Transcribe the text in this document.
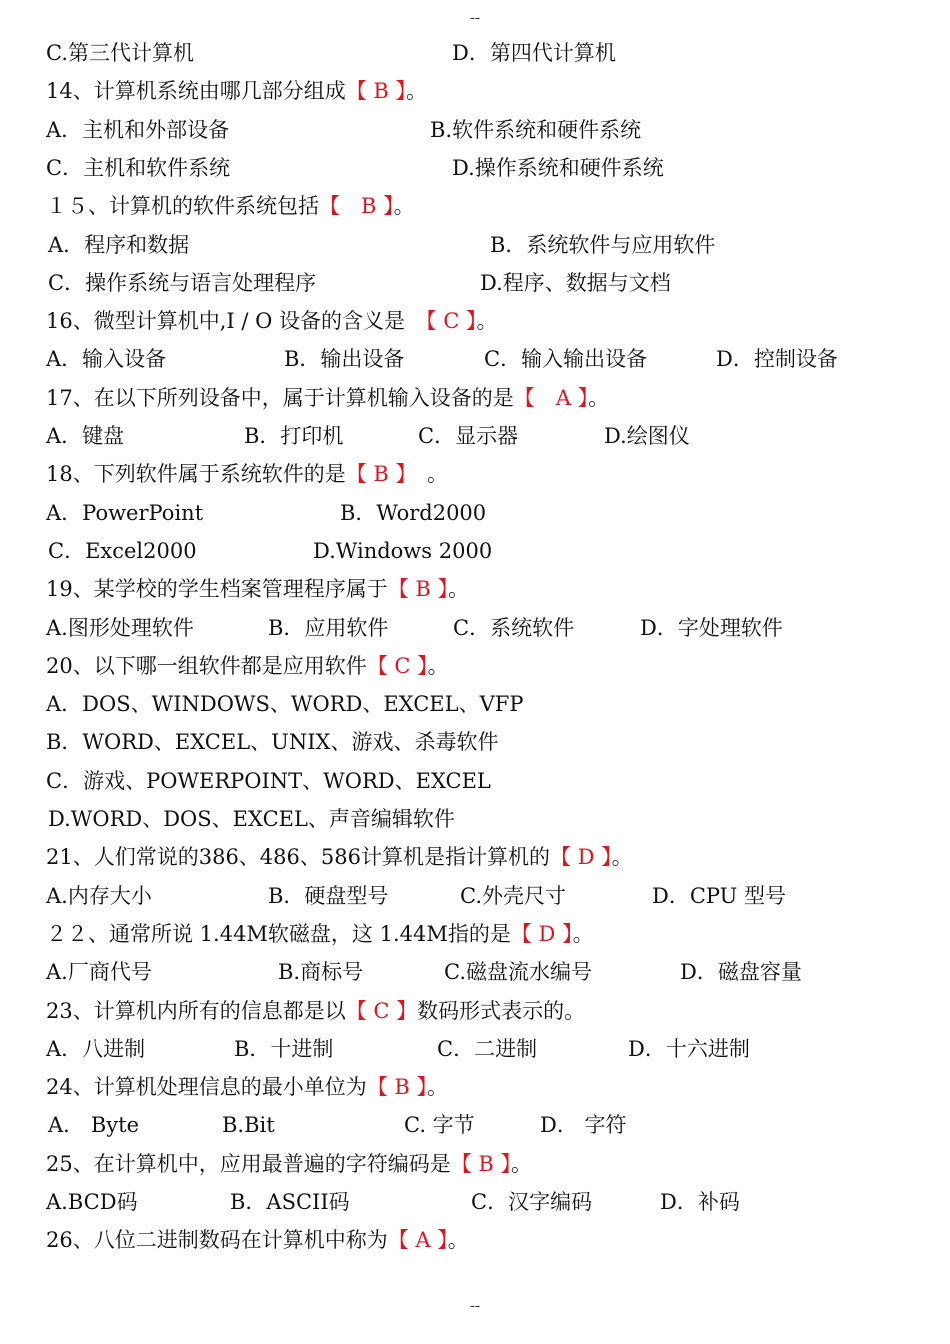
--
C.第三代计算机	D．第四代计算机
14、计算机系统由哪几部分组成【 B 】。
A．主机和外部设备	B.软件系统和硬件系统
C．主机和软件系统	D.操作系统和硬件系统
１５、计算机的软件系统包括【　B 】。
A．程序和数据	B．系统软件与应用软件
C．操作系统与语言处理程序	D.程序、数据与文档
16、微型计算机中,I / O 设备的含义是　【 C 】。
A．输入设备	B．输出设备	C．输入输出设备	D．控制设备
17、在以下所列设备中，属于计算机输入设备的是【　A 】。
A．键盘	B．打印机	C．显示器	D.绘图仪
18、下列软件属于系统软件的是【 B 】　。
A．PowerPoint	B．Word2000
C．Excel2000	D.Windows 2000
19、某学校的学生档案管理程序属于【 B 】。
A.图形处理软件	B．应用软件	C．系统软件	D．字处理软件
20、以下哪一组软件都是应用软件【 C 】。
A．DOS、WINDOWS、WORD、EXCEL、VFP
B．WORD、EXCEL、UNIX、游戏、杀毒软件
C．游戏、POWERPOINT、WORD、EXCEL
D.WORD、DOS、EXCEL、声音编辑软件
21、人们常说的386、486、586计算机是指计算机的【 D 】。
A.内存大小	B．硬盘型号	C.外壳尺寸	D．CPU 型号
２２、通常所说 1.44M软磁盘，这 1.44M指的是【 D 】。
A.厂商代号	B.商标号	C.磁盘流水编号	D．磁盘容量
23、计算机内所有的信息都是以【 C 】数码形式表示的。
A．八进制	B．十进制	C．二进制	D．十六进制
24、计算机处理信息的最小单位为【 B 】。
A． Byte	B.Bit	C. 字节	D． 字符
25、在计算机中，应用最普遍的字符编码是【 B 】。
A.BCD码	B．ASCII码	C．汉字编码	D．补码
26、八位二进制数码在计算机中称为【 A 】。
--
